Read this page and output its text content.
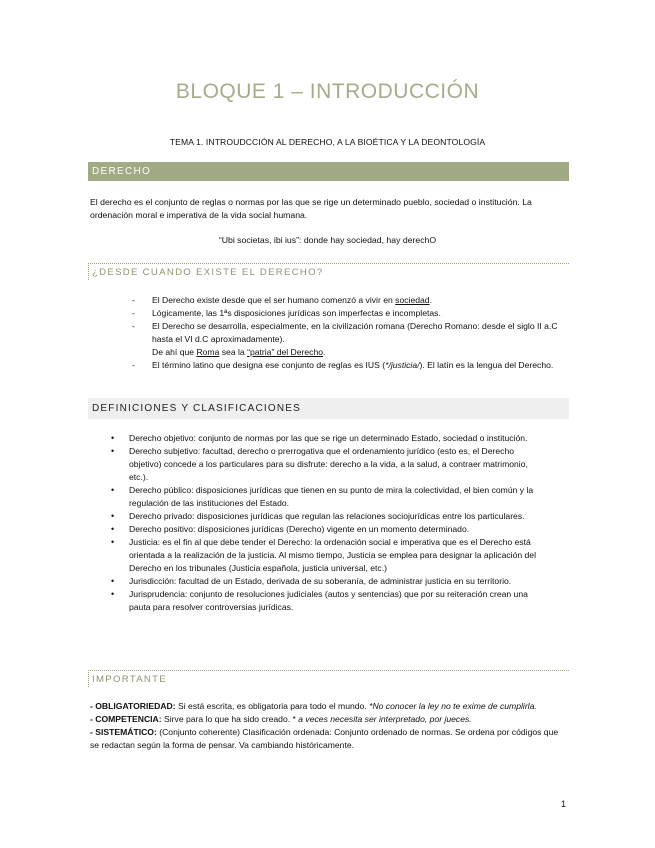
BLOQUE 1 – INTRODUCCIÓN
TEMA 1. INTROUDCCIÓN AL DERECHO, A LA BIOÉTICA Y LA DEONTOLOGÍA
DERECHO

El derecho es el conjunto de reglas o normas por las que se rige un determinado pueblo, sociedad o institución. La ordenación moral e imperativa de la vida social humana.

“Ubi societas, ibi ius”: donde hay sociedad, hay derechO
¿DESDE CUANDO EXISTE EL DERECHO?
- El Derecho existe desde que el ser humano comenzó a vivir en sociedad.
- Lógicamente, las 1ªs disposiciones jurídicas son imperfectas e incompletas.
- El Derecho se desarrolla, especialmente, en la civilización romana (Derecho Romano: desde el siglo II a.C hasta el VI d.C aproximadamente).
De ahí que Roma sea la “patria” del Derecho.
- El término latino que designa ese conjunto de reglas es IUS (*/justicia/). El latín es la lengua del Derecho.
DEFINICIONES Y CLASIFICACIONES
• Derecho objetivo: conjunto de normas por las que se rige un determinado Estado, sociedad o institución.
• Derecho subjetivo: facultad, derecho o prerrogativa que el ordenamiento jurídico (esto es, el Derecho objetivo) concede a los particulares para su disfrute: derecho a la vida, a la salud, a contraer matrimonio, etc.).
• Derecho público: disposiciones jurídicas que tienen en su punto de mira la colectividad, el bien común y la regulación de las instituciones del Estado.
• Derecho privado: disposiciones jurídicas que regulan las relaciones sociojurídicas entre los particulares.
• Derecho positivo: disposiciones jurídicas (Derecho) vigente en un momento determinado.
• Justicia: es el fin al que debe tender el Derecho: la ordenación social e imperativa que es el Derecho está orientada a la realización de la justicia. Al mismo tiempo, Justicia se emplea para designar la aplicación del Derecho en los tribunales (Justicia española, justicia universal, etc.)
• Jurisdicción: facultad de un Estado, derivada de su soberanía, de administrar justicia en su territorio.
• Jurisprudencia: conjunto de resoluciones judiciales (autos y sentencias) que por su reiteración crean una pauta para resolver controversias jurídicas.
IMPORTANTE

- OBLIGATORIEDAD: Si está escrita, es obligatoria para todo el mundo. *No conocer la ley no te exime de cumplirla.

- COMPETENCIA: Sirve para lo que ha sido creado. * a veces necesita ser interpretado, por jueces.

- SISTEMÁTICO: (Conjunto coherente) Clasificación ordenada: Conjunto ordenado de normas. Se ordena por códigos que se redactan según la forma de pensar. Va cambiando históricamente.

1
